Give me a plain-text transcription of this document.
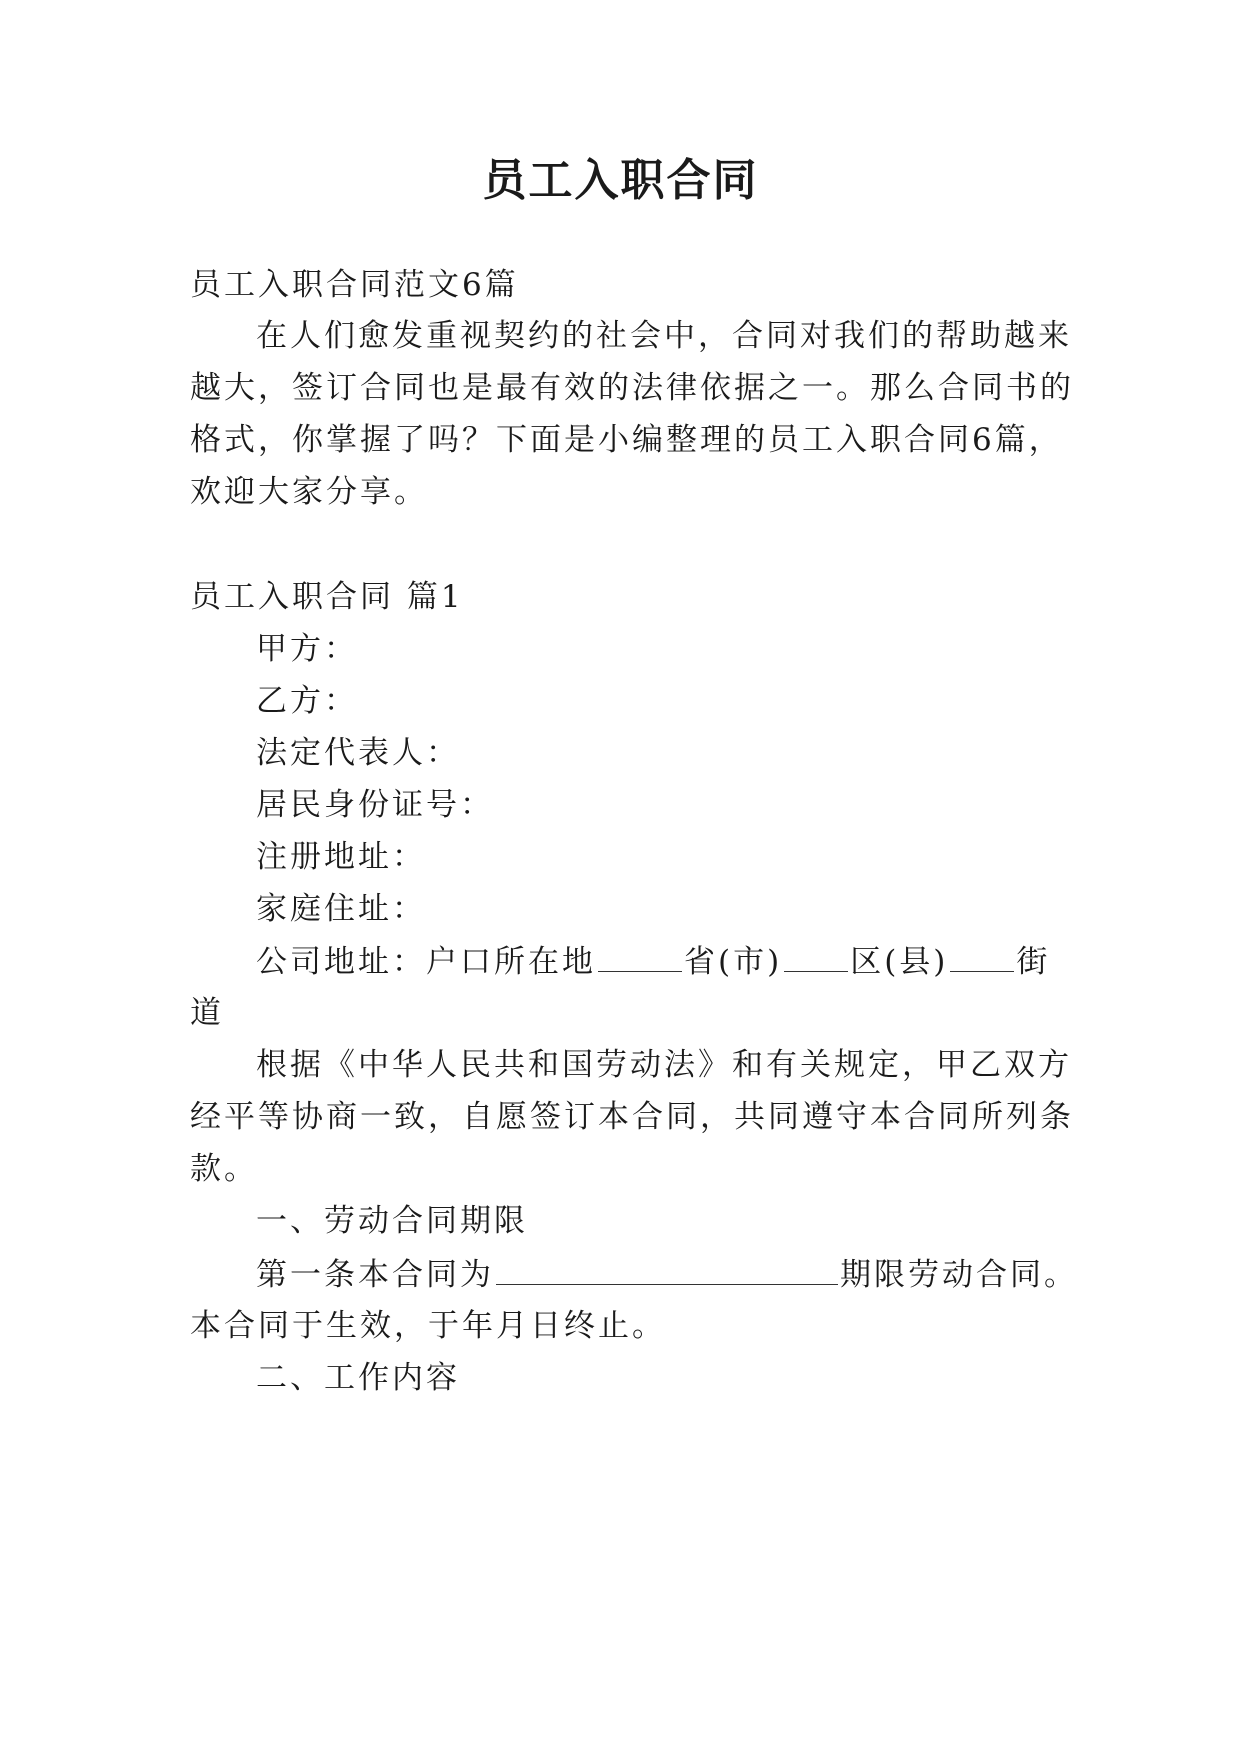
员工入职合同

员工入职合同范文6篇

在人们愈发重视契约的社会中，合同对我们的帮助越来

越大，签订合同也是最有效的法律依据之一。那么合同书的

格式，你掌握了吗？下面是小编整理的员工入职合同6篇，

欢迎大家分享。

员工入职合同 篇1

甲方：

乙方：

法定代表人：

居民身份证号：

注册地址：

家庭住址：

公司地址：户口所在地	省(市) 区(县) 街

道

根据《中华人民共和国劳动法》和有关规定，甲乙双方

经平等协商一致，自愿签订本合同，共同遵守本合同所列条

款。

一、劳动合同期限

第一条本合同为	期限劳动合同。

本合同于生效，于年月日终止。

二、工作内容
